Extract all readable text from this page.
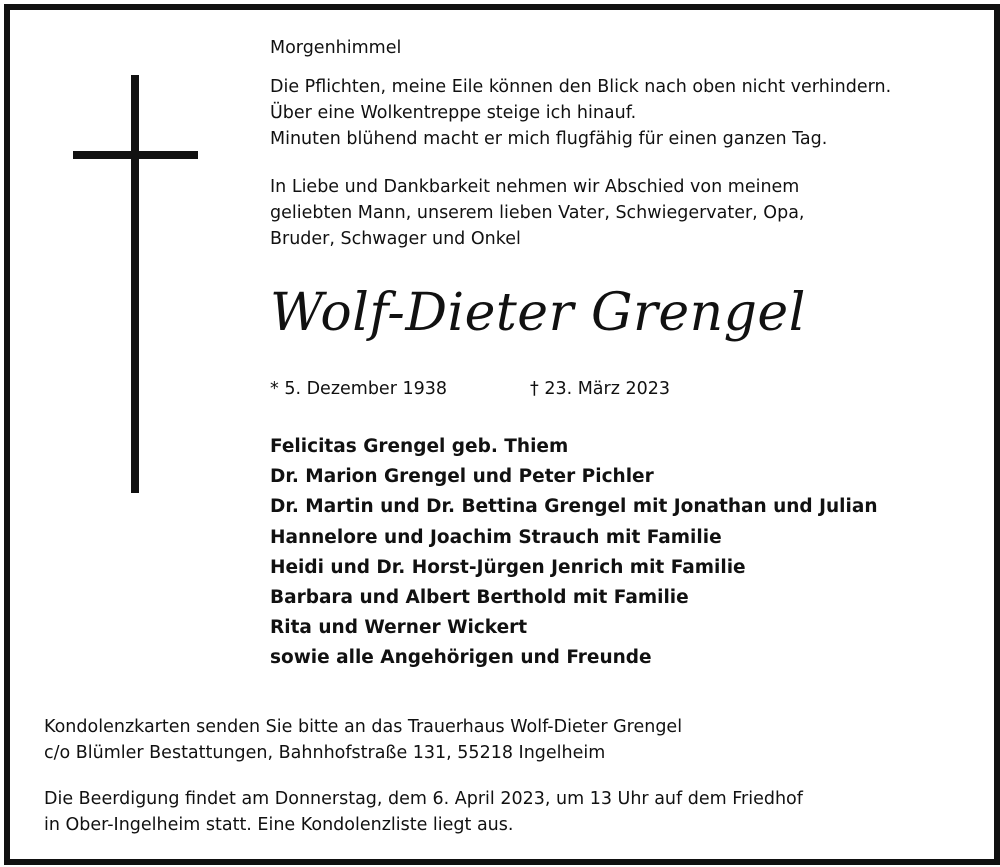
Morgenhimmel
Die Pflichten, meine Eile können den Blick nach oben nicht verhindern.
Über eine Wolkentreppe steige ich hinauf.
Minuten blühend macht er mich flugfähig für einen ganzen Tag.
In Liebe und Dankbarkeit nehmen wir Abschied von meinem
geliebten Mann, unserem lieben Vater, Schwiegervater, Opa,
Bruder, Schwager und Onkel
Wolf-Dieter Grengel
* 5. Dezember 1938	† 23. März 2023
Felicitas Grengel geb. Thiem
Dr. Marion Grengel und Peter Pichler
Dr. Martin und Dr. Bettina Grengel mit Jonathan und Julian
Hannelore und Joachim Strauch mit Familie
Heidi und Dr. Horst-Jürgen Jenrich mit Familie
Barbara und Albert Berthold mit Familie
Rita und Werner Wickert
sowie alle Angehörigen und Freunde
Kondolenzkarten senden Sie bitte an das Trauerhaus Wolf-Dieter Grengel
c/o Blümler Bestattungen, Bahnhofstraße 131, 55218 Ingelheim
Die Beerdigung findet am Donnerstag, dem 6. April 2023, um 13 Uhr auf dem Friedhof
in Ober-Ingelheim statt. Eine Kondolenzliste liegt aus.
